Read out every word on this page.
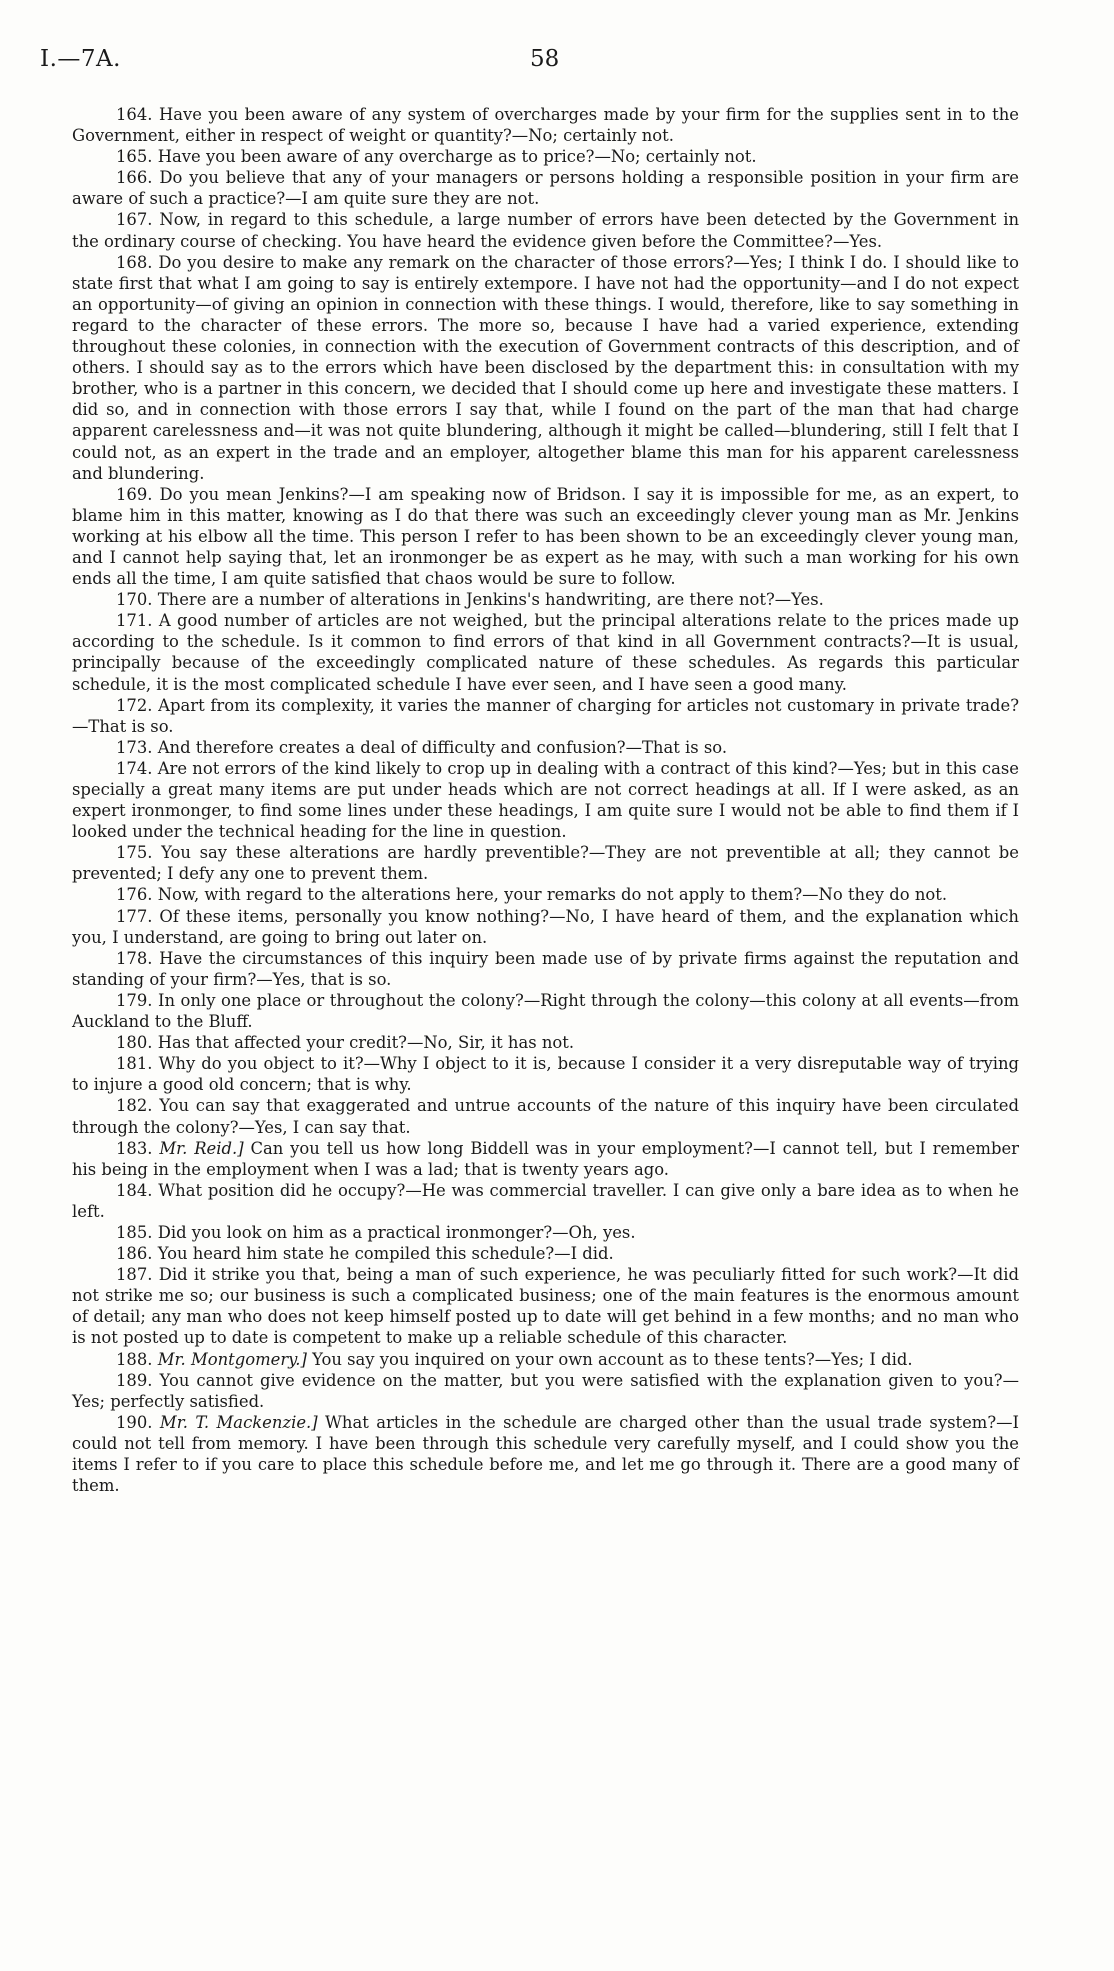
I.—7A.	58

164. Have you been aware of any system of overcharges made by your firm for the supplies sent in to the Government, either in respect of weight or quantity?—No; certainly not.

165. Have you been aware of any overcharge as to price?—No; certainly not.

166. Do you believe that any of your managers or persons holding a responsible position in your firm are aware of such a practice?—I am quite sure they are not.

167. Now, in regard to this schedule, a large number of errors have been detected by the Government in the ordinary course of checking. You have heard the evidence given before the Committee?—Yes.

168. Do you desire to make any remark on the character of those errors?—Yes; I think I do. I should like to state first that what I am going to say is entirely extempore. I have not had the opportunity—and I do not expect an opportunity—of giving an opinion in connection with these things. I would, therefore, like to say something in regard to the character of these errors. The more so, because I have had a varied experience, extending throughout these colonies, in connection with the execution of Government contracts of this description, and of others. I should say as to the errors which have been disclosed by the department this: in consultation with my brother, who is a partner in this concern, we decided that I should come up here and investigate these matters. I did so, and in connection with those errors I say that, while I found on the part of the man that had charge apparent carelessness and—it was not quite blundering, although it might be called—blundering, still I felt that I could not, as an expert in the trade and an employer, altogether blame this man for his apparent carelessness and blundering.

169. Do you mean Jenkins?—I am speaking now of Bridson. I say it is impossible for me, as an expert, to blame him in this matter, knowing as I do that there was such an exceedingly clever young man as Mr. Jenkins working at his elbow all the time. This person I refer to has been shown to be an exceedingly clever young man, and I cannot help saying that, let an ironmonger be as expert as he may, with such a man working for his own ends all the time, I am quite satisfied that chaos would be sure to follow.

170. There are a number of alterations in Jenkins's handwriting, are there not?—Yes.

171. A good number of articles are not weighed, but the principal alterations relate to the prices made up according to the schedule. Is it common to find errors of that kind in all Government contracts?—It is usual, principally because of the exceedingly complicated nature of these schedules. As regards this particular schedule, it is the most complicated schedule I have ever seen, and I have seen a good many.

172. Apart from its complexity, it varies the manner of charging for articles not customary in private trade?—That is so.

173. And therefore creates a deal of difficulty and confusion?—That is so.

174. Are not errors of the kind likely to crop up in dealing with a contract of this kind?—Yes; but in this case specially a great many items are put under heads which are not correct headings at all. If I were asked, as an expert ironmonger, to find some lines under these headings, I am quite sure I would not be able to find them if I looked under the technical heading for the line in question.

175. You say these alterations are hardly preventible?—They are not preventible at all; they cannot be prevented; I defy any one to prevent them.

176. Now, with regard to the alterations here, your remarks do not apply to them?—No they do not.

177. Of these items, personally you know nothing?—No, I have heard of them, and the explanation which you, I understand, are going to bring out later on.

178. Have the circumstances of this inquiry been made use of by private firms against the reputation and standing of your firm?—Yes, that is so.

179. In only one place or throughout the colony?—Right through the colony—this colony at all events—from Auckland to the Bluff.

180. Has that affected your credit?—No, Sir, it has not.

181. Why do you object to it?—Why I object to it is, because I consider it a very disreputable way of trying to injure a good old concern; that is why.

182. You can say that exaggerated and untrue accounts of the nature of this inquiry have been circulated through the colony?—Yes, I can say that.

183. Mr. Reid.] Can you tell us how long Biddell was in your employment?—I cannot tell, but I remember his being in the employment when I was a lad; that is twenty years ago.

184. What position did he occupy?—He was commercial traveller. I can give only a bare idea as to when he left.

185. Did you look on him as a practical ironmonger?—Oh, yes.

186. You heard him state he compiled this schedule?—I did.

187. Did it strike you that, being a man of such experience, he was peculiarly fitted for such work?—It did not strike me so; our business is such a complicated business; one of the main features is the enormous amount of detail; any man who does not keep himself posted up to date will get behind in a few months; and no man who is not posted up to date is competent to make up a reliable schedule of this character.

188. Mr. Montgomery.] You say you inquired on your own account as to these tents?—Yes; I did.

189. You cannot give evidence on the matter, but you were satisfied with the explanation given to you?—Yes; perfectly satisfied.

190. Mr. T. Mackenzie.] What articles in the schedule are charged other than the usual trade system?—I could not tell from memory. I have been through this schedule very carefully myself, and I could show you the items I refer to if you care to place this schedule before me, and let me go through it. There are a good many of them.
